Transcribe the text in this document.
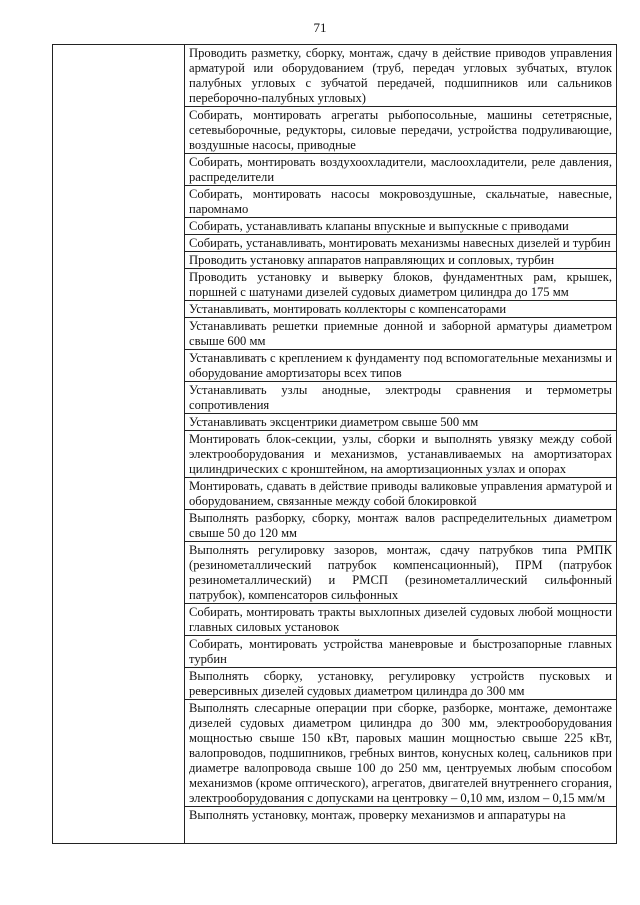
71
Проводить разметку, сборку, монтаж, сдачу в действие приводов управления арматурой или оборудованием (труб, передач угловых зубчатых, втулок палубных угловых с зубчатой передачей, подшипников или сальников переборочно-палубных угловых)
Собирать, монтировать агрегаты рыбопосольные, машины сететрясные, сетевыборочные, редукторы, силовые передачи, устройства подруливающие, воздушные насосы, приводные
Собирать, монтировать воздухоохладители, маслоохладители, реле давления, распределители
Собирать, монтировать насосы мокровоздушные, скальчатые, навесные, паромнамо
Собирать, устанавливать клапаны впускные и выпускные с приводами
Собирать, устанавливать, монтировать механизмы навесных дизелей и турбин
Проводить установку аппаратов направляющих и сопловых, турбин
Проводить установку и выверку блоков, фундаментных рам, крышек, поршней с шатунами дизелей судовых диаметром цилиндра до 175 мм
Устанавливать, монтировать коллекторы с компенсаторами
Устанавливать решетки приемные донной и заборной арматуры диаметром свыше 600 мм
Устанавливать с креплением к фундаменту под вспомогательные механизмы и оборудование амортизаторы всех типов
Устанавливать узлы анодные, электроды сравнения и термометры сопротивления
Устанавливать эксцентрики диаметром свыше 500 мм
Монтировать блок-секции, узлы, сборки и выполнять увязку между собой электрооборудования и механизмов, устанавливаемых на амортизаторах цилиндрических с кронштейном, на амортизационных узлах и опорах
Монтировать, сдавать в действие приводы валиковые управления арматурой и оборудованием, связанные между собой блокировкой
Выполнять разборку, сборку, монтаж валов распределительных диаметром свыше 50 до 120 мм
Выполнять регулировку зазоров, монтаж, сдачу патрубков типа РМПК (резинометаллический патрубок компенсационный), ПРМ (патрубок резинометаллический) и РМСП (резинометаллический сильфонный патрубок), компенсаторов сильфонных
Собирать, монтировать тракты выхлопных дизелей судовых любой мощности главных силовых установок
Собирать, монтировать устройства маневровые и быстрозапорные главных турбин
Выполнять сборку, установку, регулировку устройств пусковых и реверсивных дизелей судовых диаметром цилиндра до 300 мм
Выполнять слесарные операции при сборке, разборке, монтаже, демонтаже дизелей судовых диаметром цилиндра до 300 мм, электрооборудования мощностью свыше 150 кВт, паровых машин мощностью свыше 225 кВт, валопроводов, подшипников, гребных винтов, конусных колец, сальников при диаметре валопровода свыше 100 до 250 мм, центруемых любым способом механизмов (кроме оптического), агрегатов, двигателей внутреннего сгорания, электрооборудования с допусками на центровку – 0,10 мм, излом – 0,15 мм/м
Выполнять установку, монтаж, проверку механизмов и аппаратуры на
